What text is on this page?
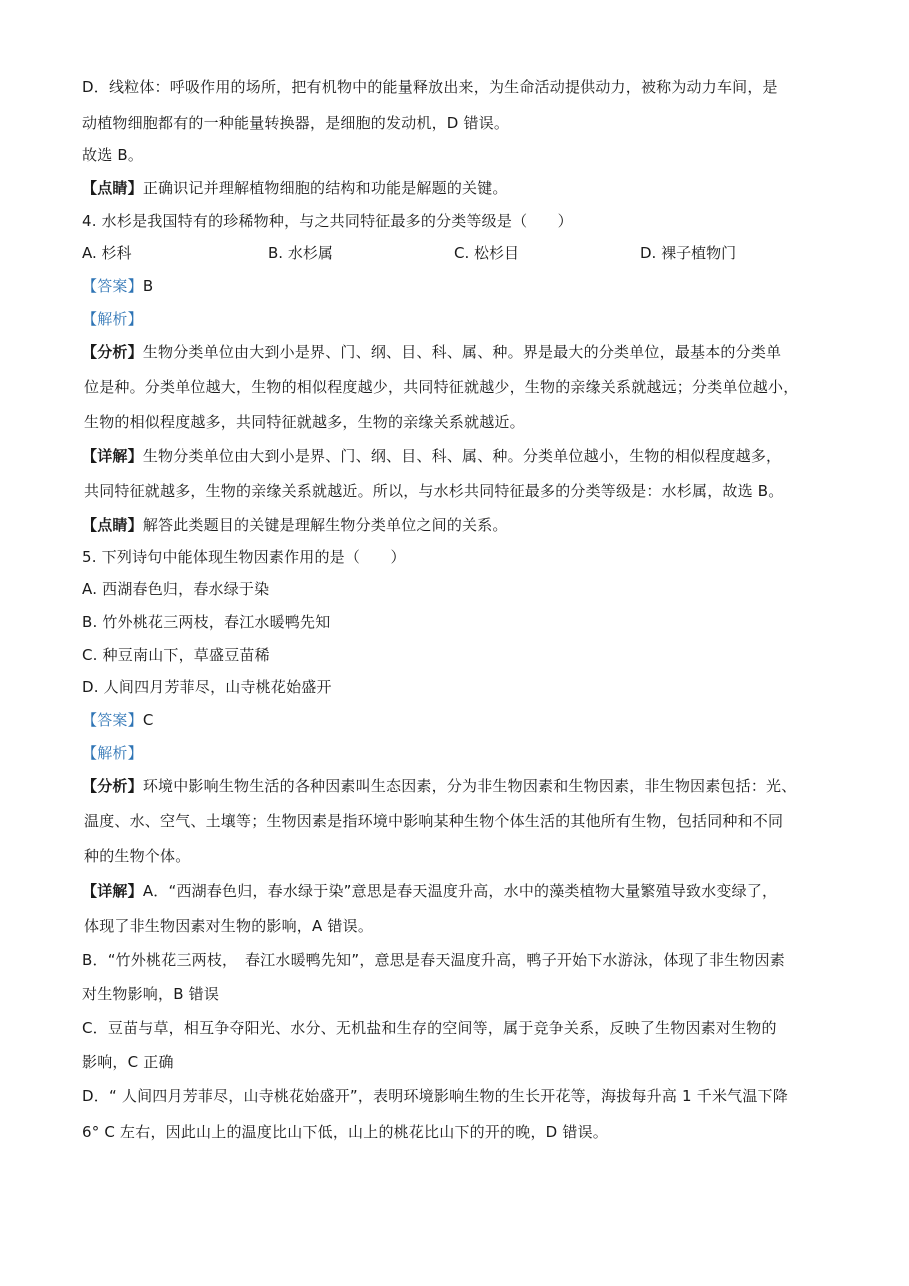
D．线粒体：呼吸作用的场所，把有机物中的能量释放出来，为生命活动提供动力，被称为动力车间，是
动植物细胞都有的一种能量转换器，是细胞的发动机，D 错误。
故选 B。
【点睛】正确识记并理解植物细胞的结构和功能是解题的关键。
4. 水杉是我国特有的珍稀物种，与之共同特征最多的分类等级是（　　）
A. 杉科	B. 水杉属	C. 松杉目	D. 裸子植物门
【答案】B
【解析】
【分析】生物分类单位由大到小是界、门、纲、目、科、属、种。界是最大的分类单位，最基本的分类单
位是种。分类单位越大，生物的相似程度越少，共同特征就越少，生物的亲缘关系就越远；分类单位越小，
生物的相似程度越多，共同特征就越多，生物的亲缘关系就越近。
【详解】生物分类单位由大到小是界、门、纲、目、科、属、种。分类单位越小，生物的相似程度越多，
共同特征就越多，生物的亲缘关系就越近。所以，与水杉共同特征最多的分类等级是：水杉属，故选 B。
【点睛】解答此类题目的关键是理解生物分类单位之间的关系。
5. 下列诗句中能体现生物因素作用的是（　　）
A. 西湖春色归，春水绿于染
B. 竹外桃花三两枝，春江水暖鸭先知
C. 种豆南山下，草盛豆苗稀
D. 人间四月芳菲尽，山寺桃花始盛开
【答案】C
【解析】
【分析】环境中影响生物生活的各种因素叫生态因素，分为非生物因素和生物因素，非生物因素包括：光、
温度、水、空气、土壤等；生物因素是指环境中影响某种生物个体生活的其他所有生物，包括同种和不同
种的生物个体。
【详解】A．“西湖春色归，春水绿于染”意思是春天温度升高，水中的藻类植物大量繁殖导致水变绿了，
体现了非生物因素对生物的影响，A 错误。
B．“竹外桃花三两枝，　春江水暖鸭先知”，意思是春天温度升高，鸭子开始下水游泳，体现了非生物因素
对生物影响，B 错误
C．豆苗与草，相互争夺阳光、水分、无机盐和生存的空间等，属于竞争关系，反映了生物因素对生物的
影响，C 正确
D．“ 人间四月芳菲尽，山寺桃花始盛开”，表明环境影响生物的生长开花等，海拔每升高 1 千米气温下降
6° C 左右，因此山上的温度比山下低，山上的桃花比山下的开的晚，D 错误。
